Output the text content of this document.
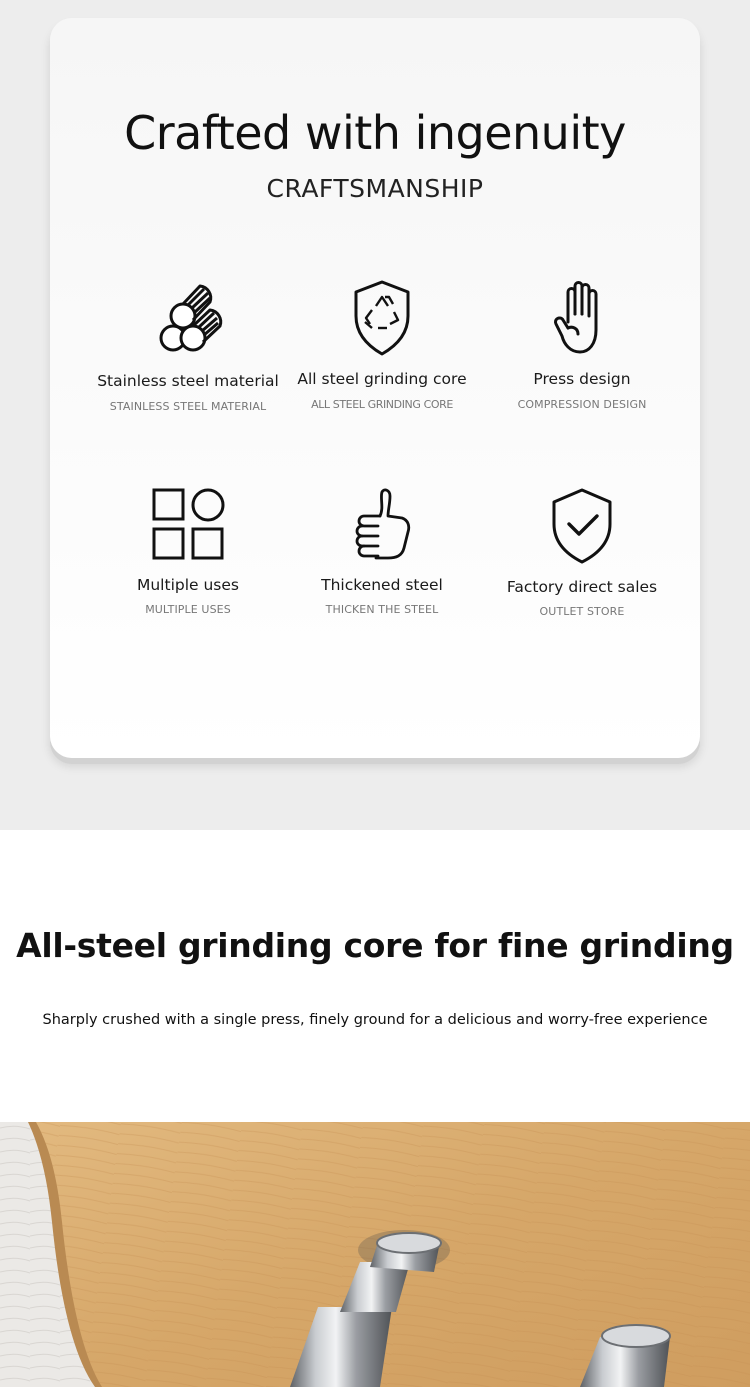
Crafted with ingenuity
CRAFTSMANSHIP
Stainless steel material
STAINLESS STEEL MATERIAL
All steel grinding core
ALL STEEL GRINDING CORE
Press design
COMPRESSION DESIGN
Multiple uses
MULTIPLE USES
Thickened steel
THICKEN THE STEEL
Factory direct sales
OUTLET STORE
All-steel grinding core for fine grinding

Sharply crushed with a single press, finely ground for a delicious and worry-free experience
